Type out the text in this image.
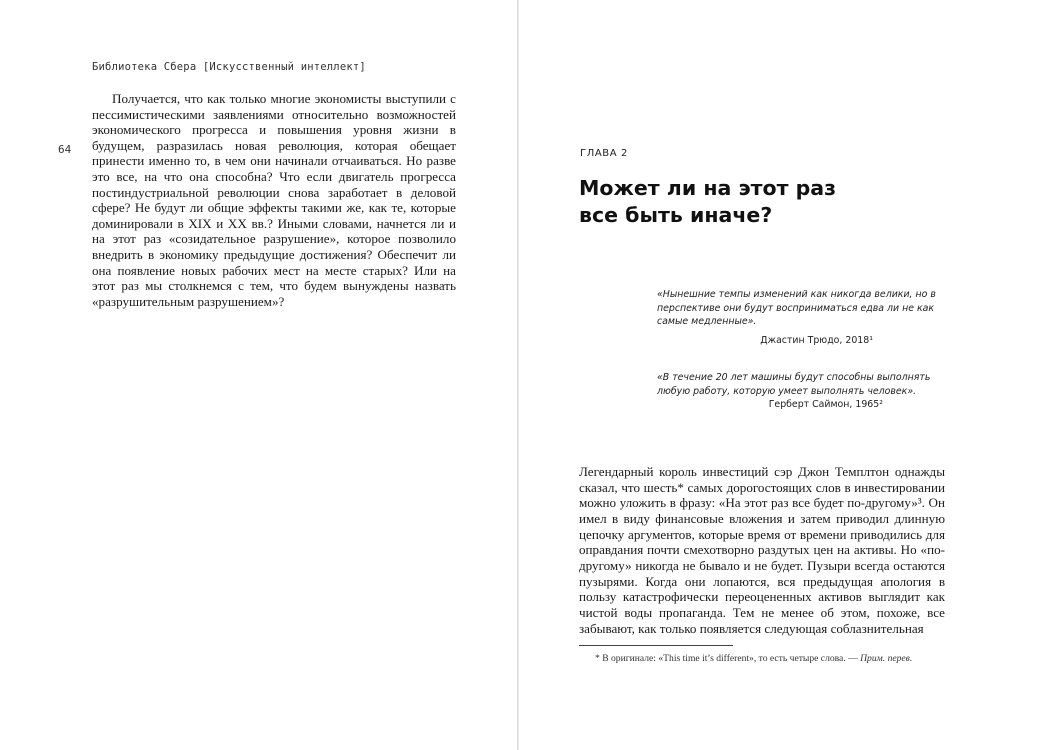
Библиотека Сбера [Искусственный интеллект]
64

Получается, что как только многие экономисты выступили с пессимистическими заявлениями относительно возможностей экономического прогресса и повышения уровня жизни в будущем, разразилась новая революция, которая обещает принести именно то, в чем они начинали отчаиваться. Но разве это все, на что она способна? Что если двигатель прогресса постиндустриальной революции снова заработает в деловой сфере? Не будут ли общие эффекты такими же, как те, которые доминировали в XIX и XX вв.? Иными словами, начнется ли и на этот раз «созидательное разрушение», которое позволило внедрить в экономику предыдущие достижения? Обеспечит ли она появление новых рабочих мест на месте старых? Или на этот раз мы столкнемся с тем, что будем вынуждены назвать «разрушительным разрушением»?

ГЛАВА 2
Может ли на этот раз
все быть иначе?

«Нынешние темпы изменений как никогда велики, но в перспективе они будут восприниматься едва ли не как самые медленные».

Джастин Трюдо, 2018¹

«В течение 20 лет машины будут способны выполнять любую работу, которую умеет выполнять человек».

Герберт Саймон, 1965²

Легендарный король инвестиций сэр Джон Темплтон однажды сказал, что шесть* самых дорогостоящих слов в инвестировании можно уложить в фразу: «На этот раз все будет по-другому»³. Он имел в виду финансовые вложения и затем приводил длинную цепочку аргументов, которые время от времени приводились для оправдания почти смехотворно раздутых цен на активы. Но «по-другому» никогда не бывало и не будет. Пузыри всегда остаются пузырями. Когда они лопаются, вся предыдущая апология в пользу катастрофически переоцененных активов выглядит как чистой воды пропаганда. Тем не менее об этом, похоже, все забывают, как только появляется следующая соблазнительная

* В оригинале: «This time it’s different», то есть четыре слова. — Прим. перев.
